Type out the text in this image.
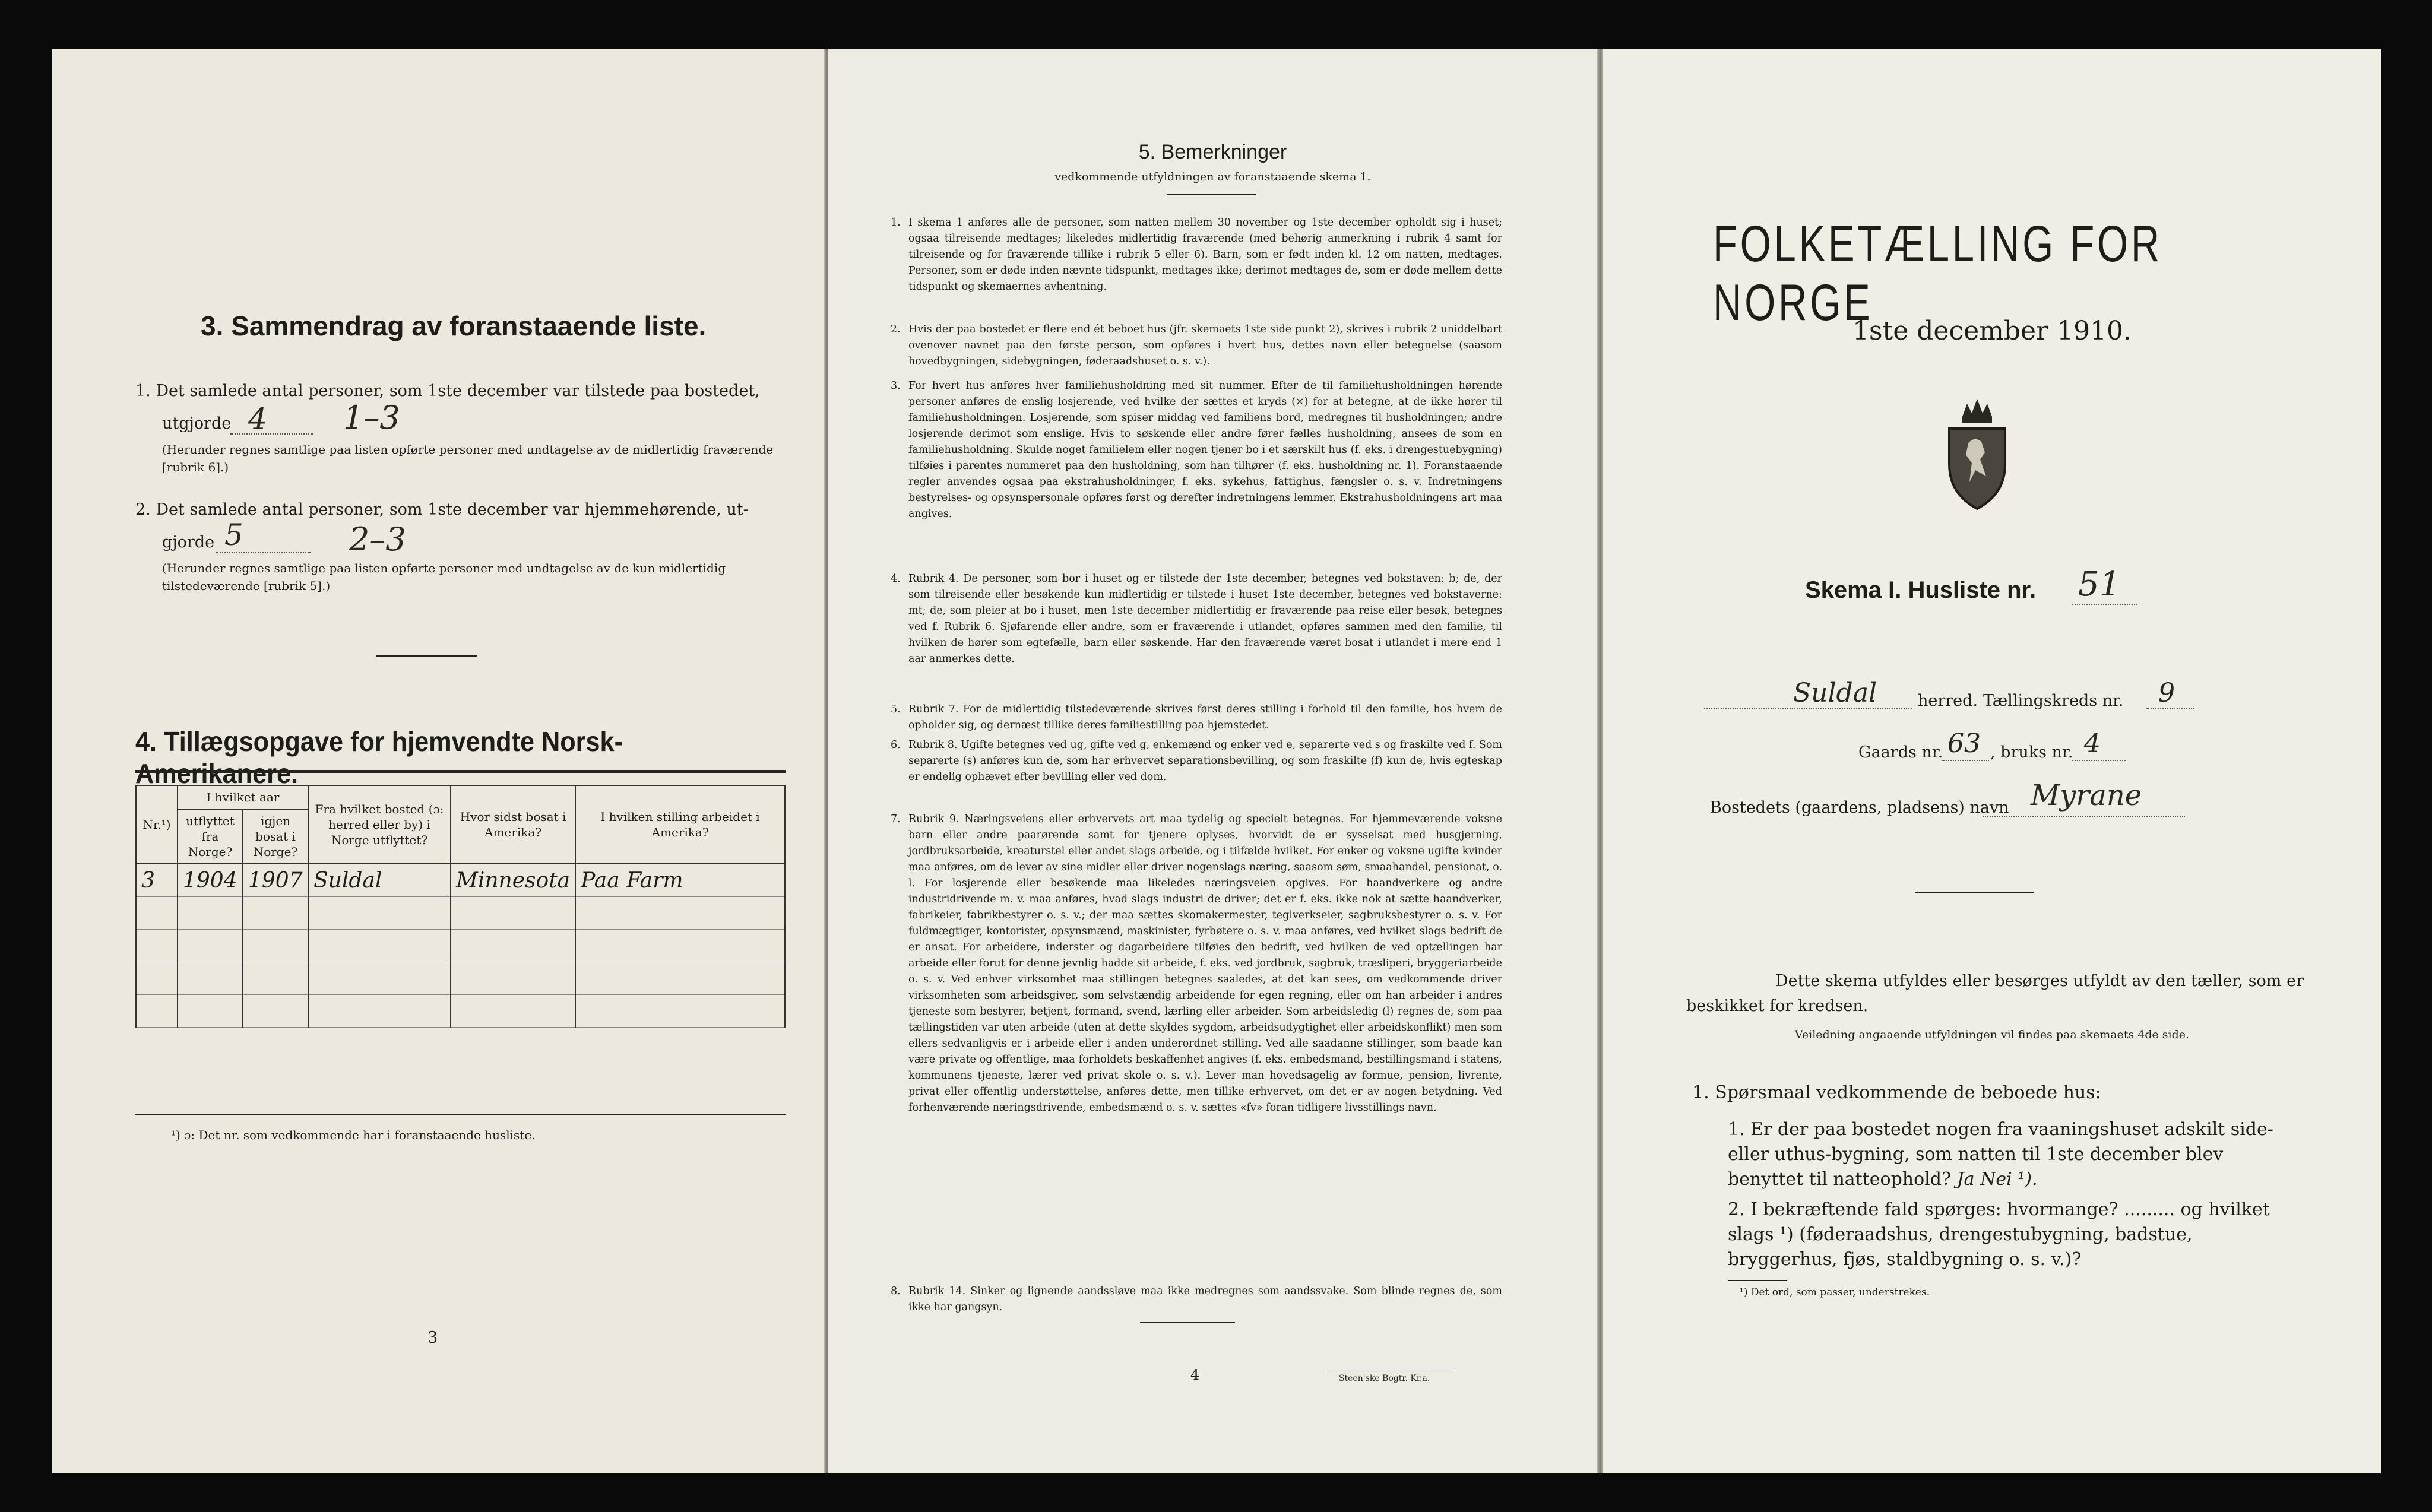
3. Sammendrag av foranstaaende liste.
1. Det samlede antal personer, som 1ste december var tilstede paa bostedet,
utgjorde 4 1–3
(Herunder regnes samtlige paa listen opførte personer med undtagelse av de midlertidig fraværende [rubrik 6].)
2. Det samlede antal personer, som 1ste december var hjemmehørende, ut-
gjorde 5	2–3
(Herunder regnes samtlige paa listen opførte personer med undtagelse av de kun midlertidig tilstedeværende [rubrik 5].)
4. Tillægsopgave for hjemvendte Norsk-Amerikanere.
Nr.¹)	I hvilket aar		Fra hvilket bosted (ɔ: herred eller by) i Norge utflyttet?	Hvor sidst bosat i Amerika?	I hvilken stilling arbeidet i Amerika?
	utflyttet fra Norge?	igjen bosat i Norge?			
3	1904	1907	Suldal	Minnesota	Paa Farm

¹) ɔ: Det nr. som vedkommende har i foranstaaende husliste.
3
5. Bemerkninger
vedkommende utfyldningen av foranstaaende skema 1.
1. I skema 1 anføres alle de personer, som natten mellem 30 november og 1ste december opholdt sig i huset; ogsaa tilreisende medtages; likeledes midlertidig fraværende (med behørig anmerkning i rubrik 4 samt for tilreisende og for fraværende tillike i rubrik 5 eller 6). Barn, som er født inden kl. 12 om natten, medtages. Personer, som er døde inden nævnte tidspunkt, medtages ikke; derimot medtages de, som er døde mellem dette tidspunkt og skemaernes avhentning.
2. Hvis der paa bostedet er flere end ét beboet hus (jfr. skemaets 1ste side punkt 2), skrives i rubrik 2 uniddelbart ovenover navnet paa den første person, som opføres i hvert hus, dettes navn eller betegnelse (saasom hovedbygningen, sidebygningen, føderaadshuset o. s. v.).
3. For hvert hus anføres hver familiehusholdning med sit nummer. Efter de til familiehusholdningen hørende personer anføres de enslig losjerende, ved hvilke der sættes et kryds (×) for at betegne, at de ikke hører til familiehusholdningen. Losjerende, som spiser middag ved familiens bord, medregnes til husholdningen; andre losjerende derimot som enslige. Hvis to søskende eller andre fører fælles husholdning, ansees de som en familiehusholdning. Skulde noget familielem eller nogen tjener bo i et særskilt hus (f. eks. i drengestuebygning) tilføies i parentes nummeret paa den husholdning, som han tilhører (f. eks. husholdning nr. 1). Foranstaaende regler anvendes ogsaa paa ekstrahusholdninger, f. eks. sykehus, fattighus, fængsler o. s. v. Indretningens bestyrelses- og opsynspersonale opføres først og derefter indretningens lemmer. Ekstrahusholdningens art maa angives.
4. Rubrik 4. De personer, som bor i huset og er tilstede der 1ste december, betegnes ved bokstaven: b; de, der som tilreisende eller besøkende kun midlertidig er tilstede i huset 1ste december, betegnes ved bokstaverne: mt; de, som pleier at bo i huset, men 1ste december midlertidig er fraværende paa reise eller besøk, betegnes ved f. Rubrik 6. Sjøfarende eller andre, som er fraværende i utlandet, opføres sammen med den familie, til hvilken de hører som egtefælle, barn eller søskende. Har den fraværende været bosat i utlandet i mere end 1 aar anmerkes dette.
5. Rubrik 7. For de midlertidig tilstedeværende skrives først deres stilling i forhold til den familie, hos hvem de opholder sig, og dernæst tillike deres familiestilling paa hjemstedet.
6. Rubrik 8. Ugifte betegnes ved ug, gifte ved g, enkemænd og enker ved e, separerte ved s og fraskilte ved f. Som separerte (s) anføres kun de, som har erhvervet separationsbevilling, og som fraskilte (f) kun de, hvis egteskap er endelig ophævet efter bevilling eller ved dom.
7. Rubrik 9. Næringsveiens eller erhvervets art maa tydelig og specielt betegnes. For hjemmeværende voksne barn eller andre paarørende samt for tjenere oplyses, hvorvidt de er sysselsat med husgjerning, jordbruksarbeide, kreaturstel eller andet slags arbeide, og i tilfælde hvilket. For enker og voksne ugifte kvinder maa anføres, om de lever av sine midler eller driver nogenslags næring, saasom søm, smaahandel, pensionat, o. l. For losjerende eller besøkende maa likeledes næringsveien opgives. For haandverkere og andre industridrivende m. v. maa anføres, hvad slags industri de driver; det er f. eks. ikke nok at sætte haandverker, fabrikeier, fabrikbestyrer o. s. v.; der maa sættes skomakermester, teglverkseier, sagbruksbestyrer o. s. v. For fuldmægtiger, kontorister, opsynsmænd, maskinister, fyrbøtere o. s. v. maa anføres, ved hvilket slags bedrift de er ansat. For arbeidere, inderster og dagarbeidere tilføies den bedrift, ved hvilken de ved optællingen har arbeide eller forut for denne jevnlig hadde sit arbeide, f. eks. ved jordbruk, sagbruk, træsliperi, bryggeriarbeide o. s. v. Ved enhver virksomhet maa stillingen betegnes saaledes, at det kan sees, om vedkommende driver virksomheten som arbeidsgiver, som selvstændig arbeidende for egen regning, eller om han arbeider i andres tjeneste som bestyrer, betjent, formand, svend, lærling eller arbeider. Som arbeidsledig (l) regnes de, som paa tællingstiden var uten arbeide (uten at dette skyldes sygdom, arbeidsudygtighet eller arbeidskonflikt) men som ellers sedvanligvis er i arbeide eller i anden underordnet stilling. Ved alle saadanne stillinger, som baade kan være private og offentlige, maa forholdets beskaffenhet angives (f. eks. embedsmand, bestillingsmand i statens, kommunens tjeneste, lærer ved privat skole o. s. v.). Lever man hovedsagelig av formue, pension, livrente, privat eller offentlig understøttelse, anføres dette, men tillike erhvervet, om det er av nogen betydning. Ved forhenværende næringsdrivende, embedsmænd o. s. v. sættes «fv» foran tidligere livsstillings navn.
8. Rubrik 14. Sinker og lignende aandssløve maa ikke medregnes som aandssvake. Som blinde regnes de, som ikke har gangsyn.
4	Steen'ske Bogtr. Kr.a.
FOLKETÆLLING FOR NORGE
1ste december 1910.
Skema I. Husliste nr. 51
Suldal	herred. Tællingskreds nr. 9
Gaards nr. 63 , bruks nr. 4
Bostedets (gaardens, pladsens) navn Myrane
Dette skema utfyldes eller besørges utfyldt av den tæller, som er beskikket for kredsen.
Veiledning angaaende utfyldningen vil findes paa skemaets 4de side.
1. Spørsmaal vedkommende de beboede hus:
1. Er der paa bostedet nogen fra vaaningshuset adskilt side- eller uthus-bygning, som natten til 1ste december blev benyttet til natteophold? Ja Nei ¹).
2. I bekræftende fald spørges: hvormange? ......... og hvilket slags ¹) (føderaadshus, drengestubygning, badstue, bryggerhus, fjøs, staldbygning o. s. v.)?
¹) Det ord, som passer, understrekes.
